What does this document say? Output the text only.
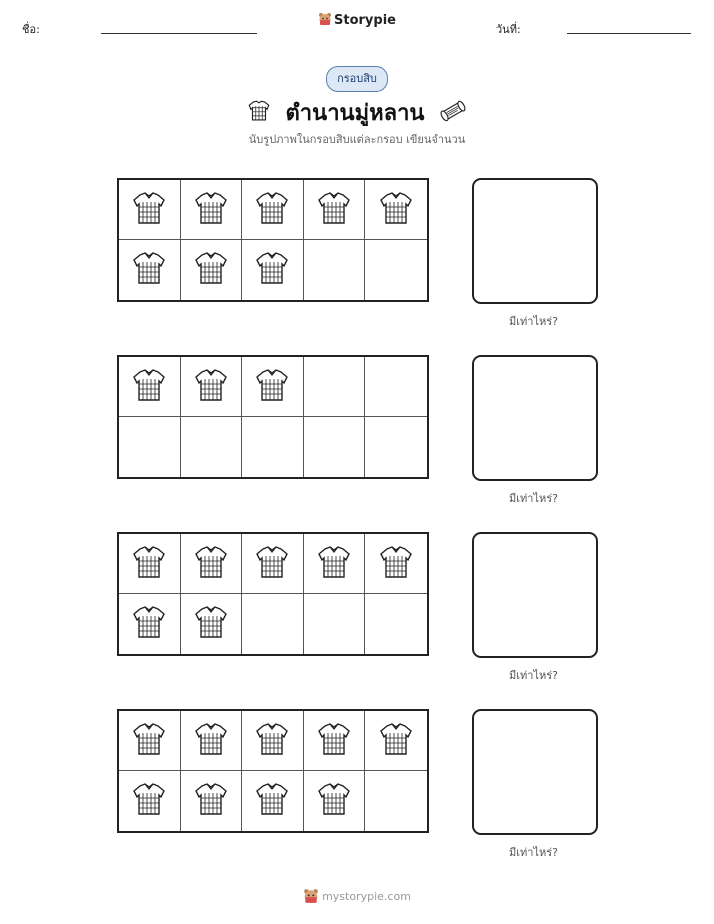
ชื่อ:
Storypie
วันที่:
กรอบสิบ
ตำนานมู่หลาน
นับรูปภาพในกรอบสิบแต่ละกรอบ เขียนจำนวน
มีเท่าไหร่?
มีเท่าไหร่?
มีเท่าไหร่?
มีเท่าไหร่?
mystorypie.com
